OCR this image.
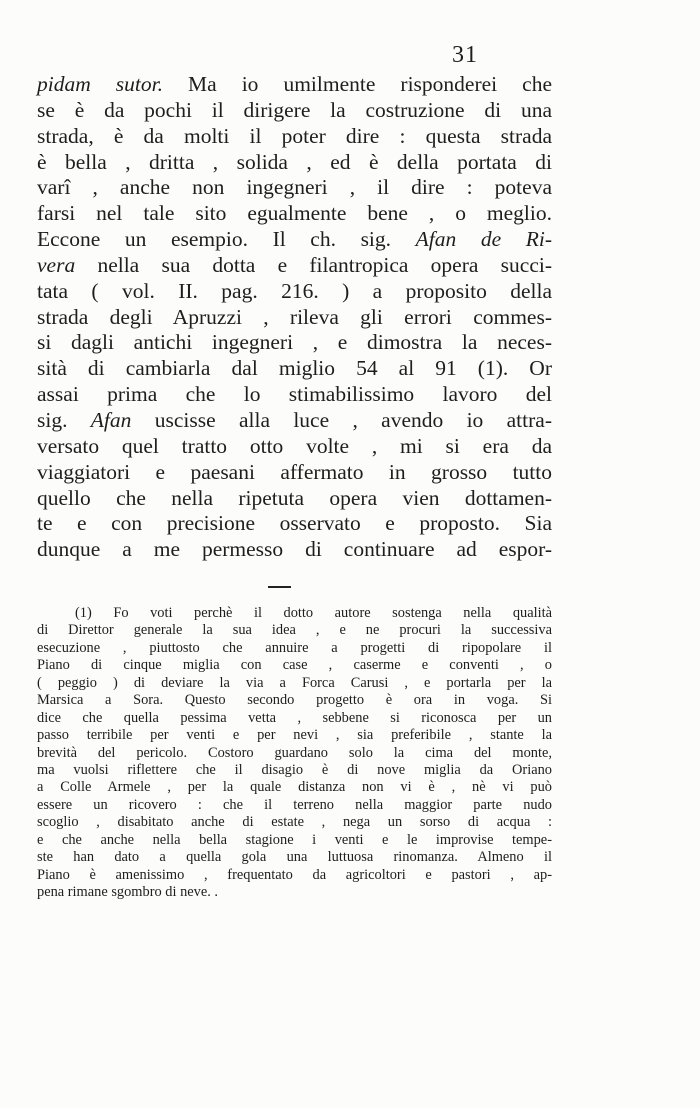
31
pidam sutor. Ma io umilmente risponderei che
se è da pochi il dirigere la costruzione di una
strada, è da molti il poter dire : questa strada
è bella , dritta , solida , ed è della portata di
varî , anche non ingegneri , il dire : poteva
farsi nel tale sito egualmente bene , o meglio.
Eccone un esempio. Il ch. sig. Afan de Ri-
vera nella sua dotta e filantropica opera succi-
tata ( vol. II. pag. 216. ) a proposito della
strada degli Apruzzi , rileva gli errori commes-
si dagli antichi ingegneri , e dimostra la neces-
sità di cambiarla dal miglio 54 al 91 (1). Or
assai prima che lo stimabilissimo lavoro del
sig. Afan uscisse alla luce , avendo io attra-
versato quel tratto otto volte , mi si era da
viaggiatori e paesani affermato in grosso tutto
quello che nella ripetuta opera vien dottamen-
te e con precisione osservato e proposto. Sia
dunque a me permesso di continuare ad espor-
(1) Fo voti perchè il dotto autore sostenga nella qualità
di Direttor generale la sua idea , e ne procuri la successiva
esecuzione , piuttosto che annuire a progetti di ripopolare il
Piano di cinque miglia con case , caserme e conventi , o
( peggio ) di deviare la via a Forca Carusi , e portarla per la
Marsica a Sora. Questo secondo progetto è ora in voga. Si
dice che quella pessima vetta , sebbene si riconosca per un
passo terribile per venti e per nevi , sia preferibile , stante la
brevità del pericolo. Costoro guardano solo la cima del monte,
ma vuolsi riflettere che il disagio è di nove miglia da Oriano
a Colle Armele , per la quale distanza non vi è , nè vi può
essere un ricovero : che il terreno nella maggior parte nudo
scoglio , disabitato anche di estate , nega un sorso di acqua :
e che anche nella bella stagione i venti e le improvise tempe-
ste han dato a quella gola una luttuosa rinomanza. Almeno il
Piano è amenissimo , frequentato da agricoltori e pastori , ap-
pena rimane sgombro di neve. .
